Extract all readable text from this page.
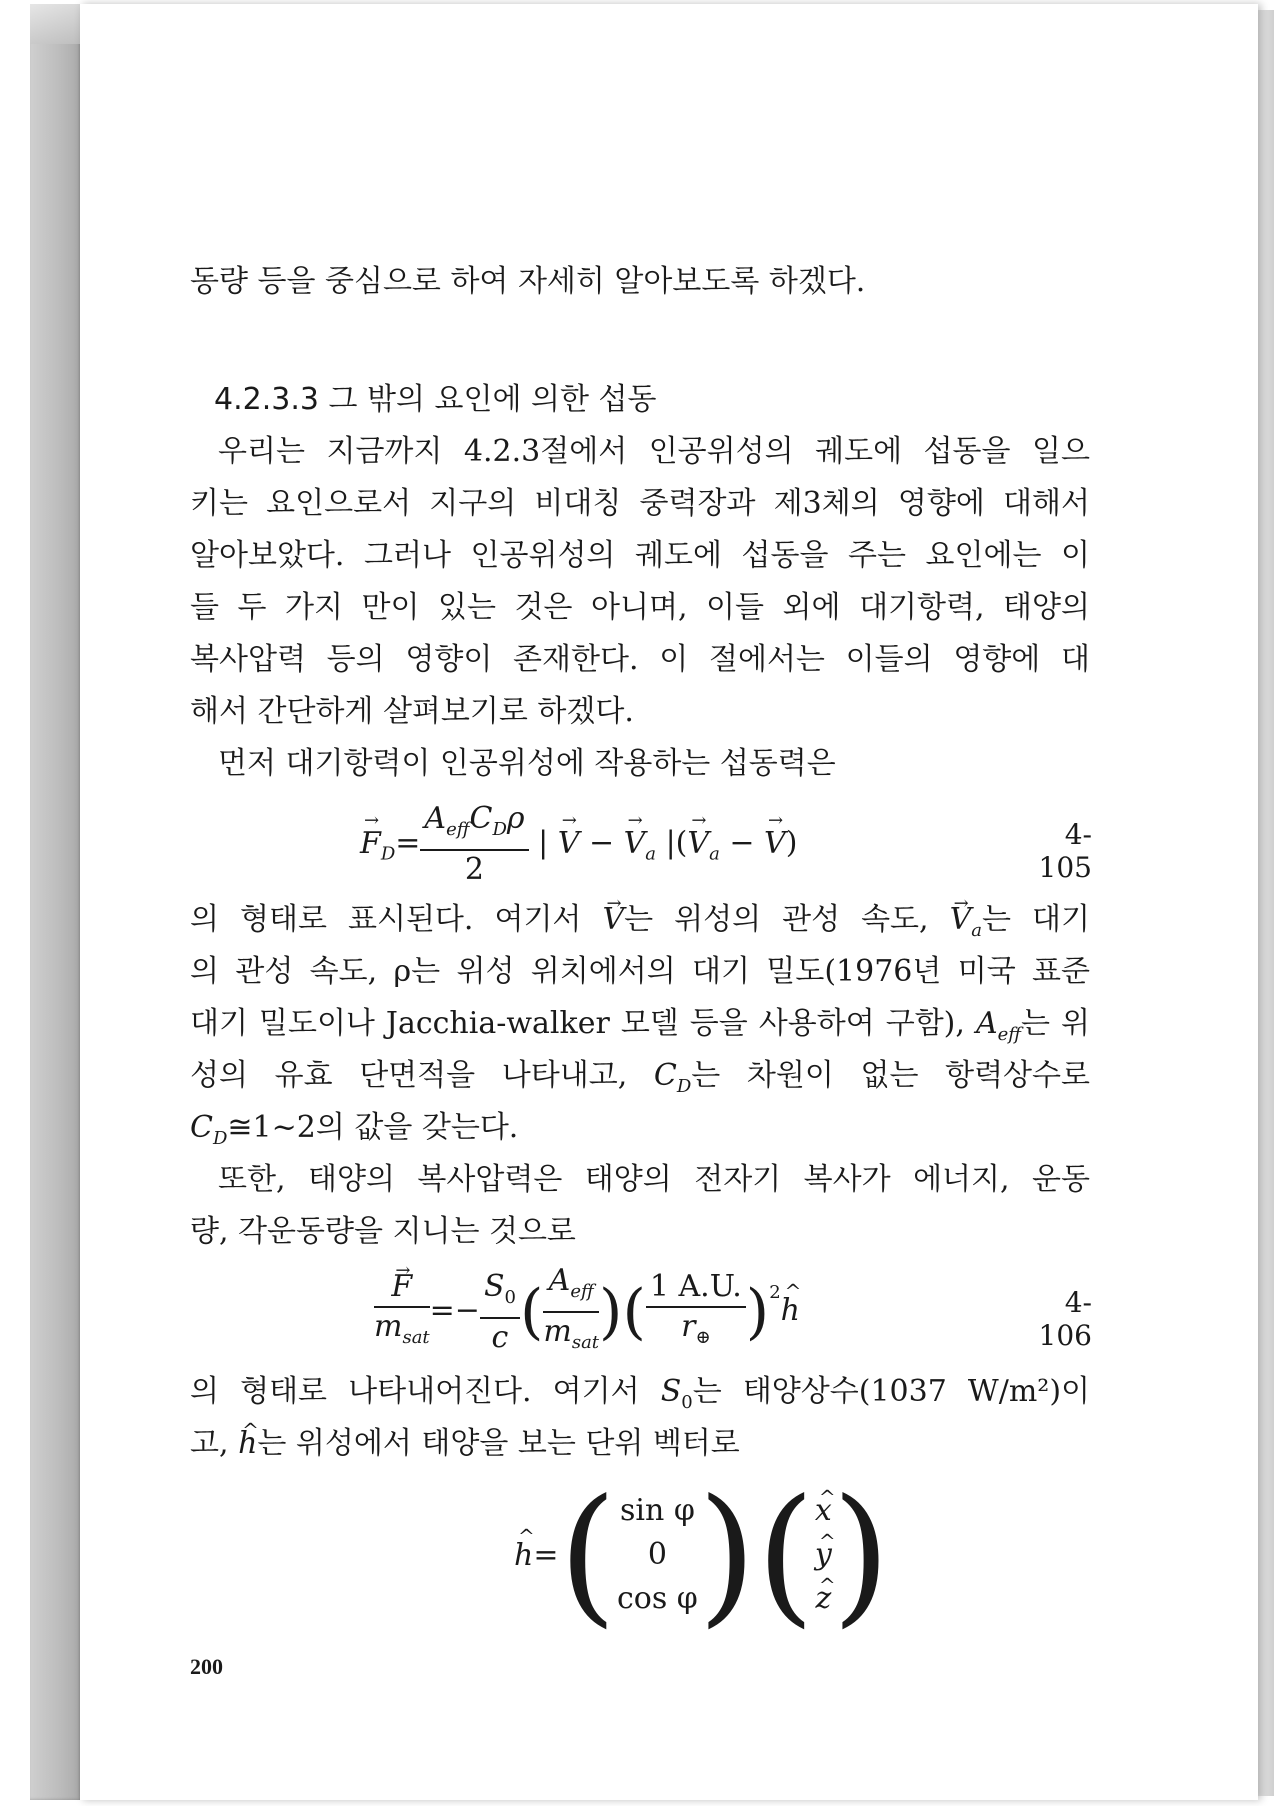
동량 등을 중심으로 하여 자세히 알아보도록 하겠다.
4.2.3.3 그 밖의 요인에 의한 섭동
우리는 지금까지 4.2.3절에서 인공위성의 궤도에 섭동을 일으
키는 요인으로서 지구의 비대칭 중력장과 제3체의 영향에 대해서
알아보았다. 그러나 인공위성의 궤도에 섭동을 주는 요인에는 이
들 두 가지 만이 있는 것은 아니며, 이들 외에 대기항력, 태양의
복사압력 등의 영향이 존재한다. 이 절에서는 이들의 영향에 대
해서 간단하게 살펴보기로 하겠다.
먼저 대기항력이 인공위성에 작용하는 섭동력은
→ $F_D= \frac{A_{eff}C_D\rho}{2}$ | → V − → $V_a$ |(→ $V_a$ − → V)	4-105
의 형태로 표시된다. 여기서 → V는 위성의 관성 속도, → $V_a$는 대기
의 관성 속도, ρ는 위성 위치에서의 대기 밀도(1976년 미국 표준
대기 밀도이나 Jacchia-walker 모델 등을 사용하여 구함), $A_{eff}$는 위
성의 유효 단면적을 나타내고, $C_D$는 차원이 없는 항력상수로
$C_D≅1\sim 2$의 값을 갖는다.
또한, 태양의 복사압력은 태양의 전자기 복사가 에너지, 운동
량, 각운동량을 지니는 것으로
→ $\frac{F}{m_{sat}} =- \frac{S_0}{c}$ ( $\frac{A_{eff}}{m_{sat}}$ )( $\frac{1 A.U.}{r_\oplus}$ )$^2$^ h	4-106
의 형태로 나타내어진다. 여기서 $S_0$는 태양상수(1037 W/m²)이
고, ^ h는 위성에서 태양을 보는 단위 벡터로
^ h=( sin φ
0
cos φ )(
^ x
^ y
^ z )
200
